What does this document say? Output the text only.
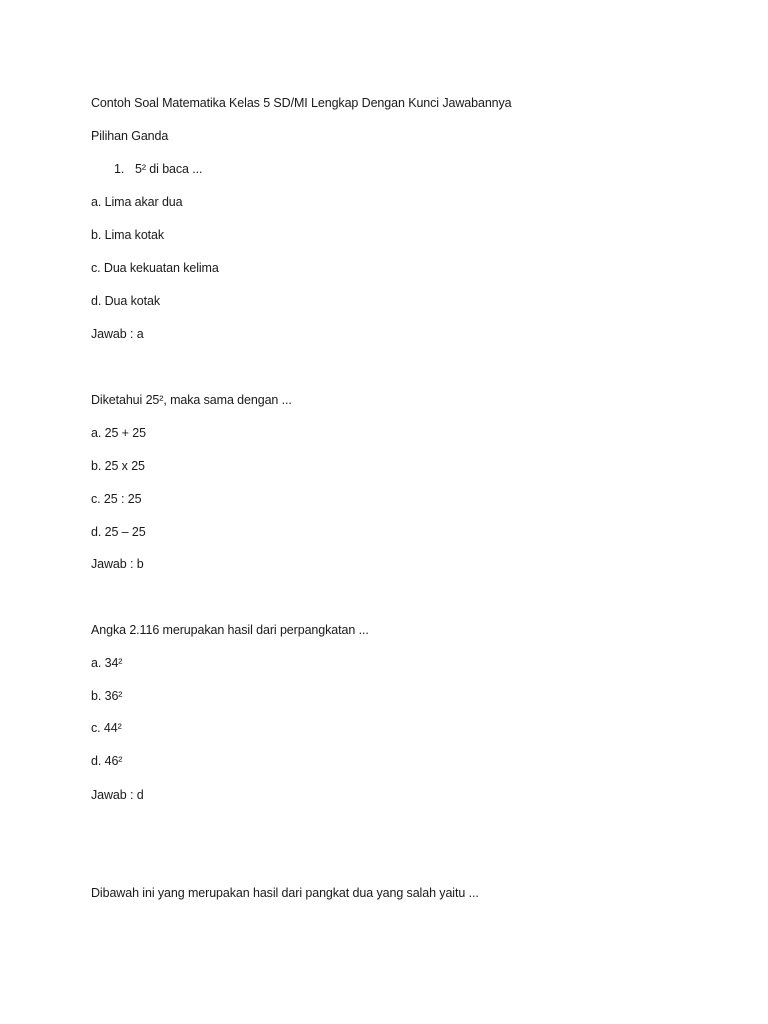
Contoh Soal Matematika Kelas 5 SD/MI Lengkap Dengan Kunci Jawabannya
Pilihan Ganda
1. 5² di baca ...
a. Lima akar dua
b. Lima kotak
c. Dua kekuatan kelima
d. Dua kotak
Jawab : a
Diketahui 25², maka sama dengan ...
a. 25 + 25
b. 25 x 25
c. 25 : 25
d. 25 – 25
Jawab : b
Angka 2.116 merupakan hasil dari perpangkatan ...
a. 34²
b. 36²
c. 44²
d. 46²
Jawab : d
Dibawah ini yang merupakan hasil dari pangkat dua yang salah yaitu ...
